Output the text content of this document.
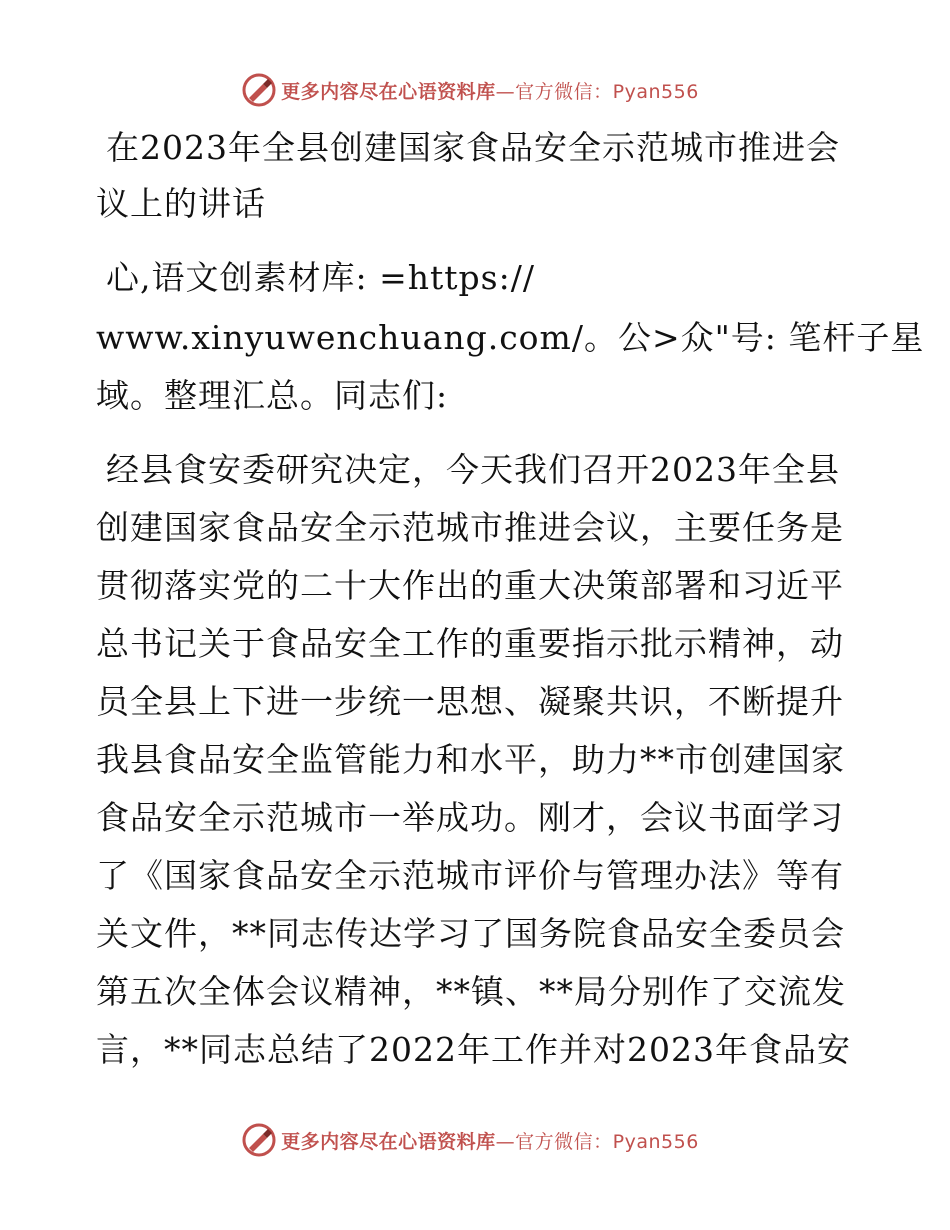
更多内容尽在心语资料库—官方微信：Pyan556
在2023年全县创建国家食品安全示范城市推进会
议上的讲话
心,语文创素材库: =https://
www.xinyuwenchuang.com/。公>众"号: 笔杆子星
域。整理汇总。同志们:
经县食安委研究决定，今天我们召开2023年全县
创建国家食品安全示范城市推进会议，主要任务是
贯彻落实党的二十大作出的重大决策部署和习近平
总书记关于食品安全工作的重要指示批示精神，动
员全县上下进一步统一思想、凝聚共识，不断提升
我县食品安全监管能力和水平，助力**市创建国家
食品安全示范城市一举成功。刚才，会议书面学习
了《国家食品安全示范城市评价与管理办法》等有
关文件，**同志传达学习了国务院食品安全委员会
第五次全体会议精神，**镇、**局分别作了交流发
言，**同志总结了2022年工作并对2023年食品安
更多内容尽在心语资料库—官方微信：Pyan556
